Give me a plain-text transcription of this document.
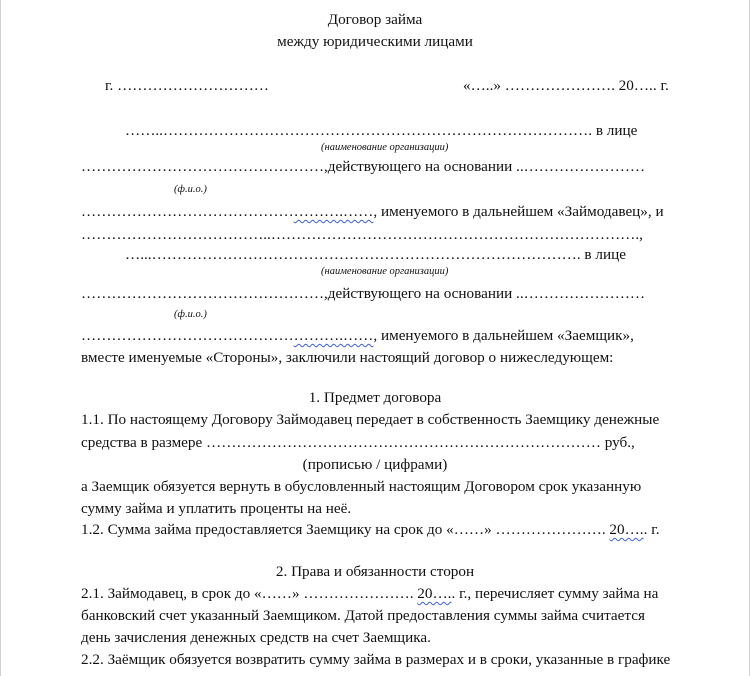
Договор займа
между юридическими лицами
г. …………………………	«…..» …………………. 20….. г.
……..…………………………………………………………………………. в лице
(наименование организации)
…………………………………………,действующего на основании ..……………………
(ф.и.о.)
…………………………………………….……, именуемого в дальнейшем «Займодавец», и
………………………………..……………………………………………………………….,
…...…………………………………………………………………………. в лице
(наименование организации)
…………………………………………,действующего на основании ..……………………
(ф.и.о.)
…………………………………………….……, именуемого в дальнейшем «Заемщик»,
вместе именуемые «Стороны», заключили настоящий договор о нижеследующем:
1. Предмет договора
1.1. По настоящему Договору Займодавец передает в собственность Заемщику денежные
средства в размере …………………………………………………………………… руб.,
(прописью / цифрами)
а Заемщик обязуется вернуть в обусловленный настоящим Договором срок указанную
сумму займа и уплатить проценты на неё.
1.2. Сумма займа предоставляется Заемщику на срок до «……» …………………. 20….. г.
2. Права и обязанности сторон
2.1. Займодавец, в срок до «……» …………………. 20….. г., перечисляет сумму займа на
банковский счет указанный Заемщиком. Датой предоставления суммы займа считается
день зачисления денежных средств на счет Заемщика.
2.2. Заёмщик обязуется возвратить сумму займа в размерах и в сроки, указанные в графике
